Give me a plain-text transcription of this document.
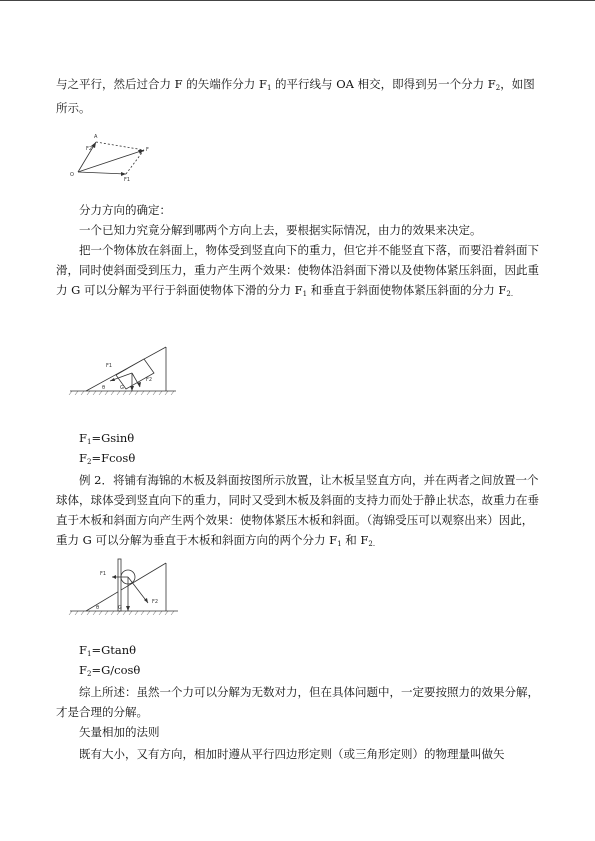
与之平行，然后过合力 F 的矢端作分力 $F_1$ 的平行线与 OA 相交，即得到另一个分力 $F_2$，如图所示。

O
A
F
F2
F1

分力方向的确定：

一个已知力究竟分解到哪两个方向上去，要根据实际情况，由力的效果来决定。

把一个物体放在斜面上，物体受到竖直向下的重力，但它并不能竖直下落，而要沿着斜面下滑，同时使斜面受到压力，重力产生两个效果：使物体沿斜面下滑以及使物体紧压斜面，因此重力 G 可以分解为平行于斜面使物体下滑的分力 $F_1$ 和垂直于斜面使物体紧压斜面的分力 $F_{2.}$

F1
F2
G
θ

$F_1=Gsin\theta$

$F_2=Fcos\theta$

例 2．将铺有海锦的木板及斜面按图所示放置，让木板呈竖直方向，并在两者之间放置一个球体，球体受到竖直向下的重力，同时又受到木板及斜面的支持力而处于静止状态，故重力在垂直于木板和斜面方向产生两个效果：使物体紧压木板和斜面。（海锦受压可以观察出来）因此，重力 G 可以分解为垂直于木板和斜面方向的两个分力 $F_1$ 和 $F_{2.}$

F1
F2
G
θ

$F_1=Gtan\theta$

$F_2=G$/cosθ

综上所述：虽然一个力可以分解为无数对力，但在具体问题中，一定要按照力的效果分解，才是合理的分解。

矢量相加的法则

既有大小，又有方向，相加时遵从平行四边形定则（或三角形定则）的物理量叫做矢
